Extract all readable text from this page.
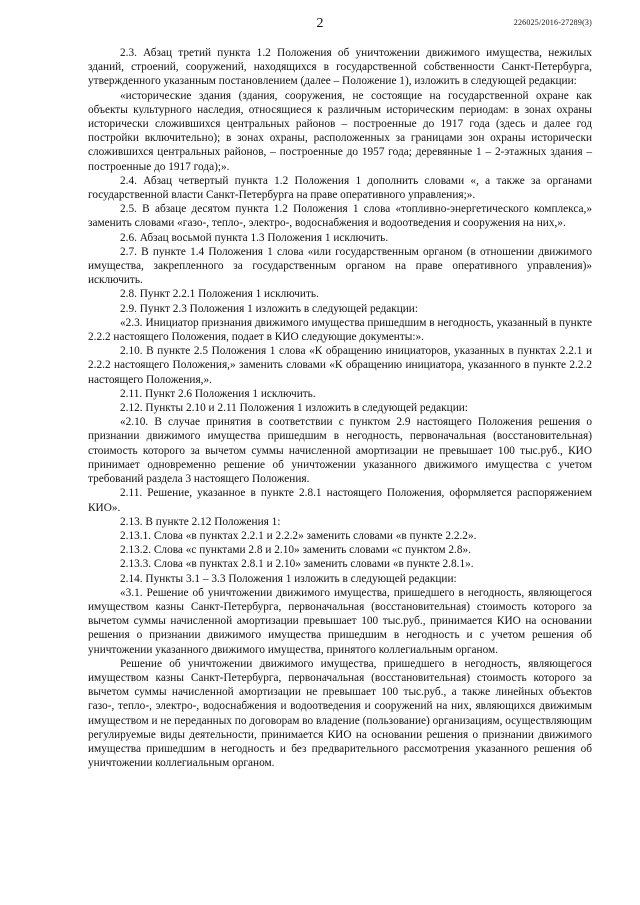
2	226025/2016-27289(3)

2.3. Абзац третий пункта 1.2 Положения об уничтожении движимого имущества, нежилых зданий, строений, сооружений, находящихся в государственной собственности Санкт-Петербурга, утвержденного указанным постановлением (далее – Положение 1), изложить в следующей редакции:

«исторические здания (здания, сооружения, не состоящие на государственной охране как объекты культурного наследия, относящиеся к различным историческим периодам: в зонах охраны исторически сложившихся центральных районов – построенные до 1917 года (здесь и далее год постройки включительно); в зонах охраны, расположенных за границами зон охраны исторически сложившихся центральных районов, – построенные до 1957 года; деревянные 1 – 2-этажных здания – построенные до 1917 года);».

2.4. Абзац четвертый пункта 1.2 Положения 1 дополнить словами «, а также за органами государственной власти Санкт-Петербурга на праве оперативного управления;».

2.5. В абзаце десятом пункта 1.2 Положения 1 слова «топливно-энергетического комплекса,» заменить словами «газо-, тепло-, электро-, водоснабжения и водоотведения и сооружения на них,».

2.6. Абзац восьмой пункта 1.3 Положения 1 исключить.

2.7. В пункте 1.4 Положения 1 слова «или государственным органом (в отношении движимого имущества, закрепленного за государственным органом на праве оперативного управления)» исключить.

2.8. Пункт 2.2.1 Положения 1 исключить.

2.9. Пункт 2.3 Положения 1 изложить в следующей редакции:

«2.3. Инициатор признания движимого имущества пришедшим в негодность, указанный в пункте 2.2.2 настоящего Положения, подает в КИО следующие документы:».

2.10. В пункте 2.5 Положения 1 слова «К обращению инициаторов, указанных в пунктах 2.2.1 и 2.2.2 настоящего Положения,» заменить словами «К обращению инициатора, указанного в пункте 2.2.2 настоящего Положения,».

2.11. Пункт 2.6 Положения 1 исключить.

2.12. Пункты 2.10 и 2.11 Положения 1 изложить в следующей редакции:

«2.10. В случае принятия в соответствии с пунктом 2.9 настоящего Положения решения о признании движимого имущества пришедшим в негодность, первоначальная (восстановительная) стоимость которого за вычетом суммы начисленной амортизации не превышает 100 тыс.руб., КИО принимает одновременно решение об уничтожении указанного движимого имущества с учетом требований раздела 3 настоящего Положения.

2.11. Решение, указанное в пункте 2.8.1 настоящего Положения, оформляется распоряжением КИО».

2.13. В пункте 2.12 Положения 1:

2.13.1. Слова «в пунктах 2.2.1 и 2.2.2» заменить словами «в пункте 2.2.2».

2.13.2. Слова «с пунктами 2.8 и 2.10» заменить словами «с пунктом 2.8».

2.13.3. Слова «в пунктах 2.8.1 и 2.10» заменить словами «в пункте 2.8.1».

2.14. Пункты 3.1 – 3.3 Положения 1 изложить в следующей редакции:

«3.1. Решение об уничтожении движимого имущества, пришедшего в негодность, являющегося имуществом казны Санкт-Петербурга, первоначальная (восстановительная) стоимость которого за вычетом суммы начисленной амортизации превышает 100 тыс.руб., принимается КИО на основании решения о признании движимого имущества пришедшим в негодность и с учетом решения об уничтожении указанного движимого имущества, принятого коллегиальным органом.

Решение об уничтожении движимого имущества, пришедшего в негодность, являющегося имуществом казны Санкт-Петербурга, первоначальная (восстановительная) стоимость которого за вычетом суммы начисленной амортизации не превышает 100 тыс.руб., а также линейных объектов газо-, тепло-, электро-, водоснабжения и водоотведения и сооружений на них, являющихся движимым имуществом и не переданных по договорам во владение (пользование) организациям, осуществляющим регулируемые виды деятельности, принимается КИО на основании решения о признании движимого имущества пришедшим в негодность и без предварительного рассмотрения указанного решения об уничтожении коллегиальным органом.
